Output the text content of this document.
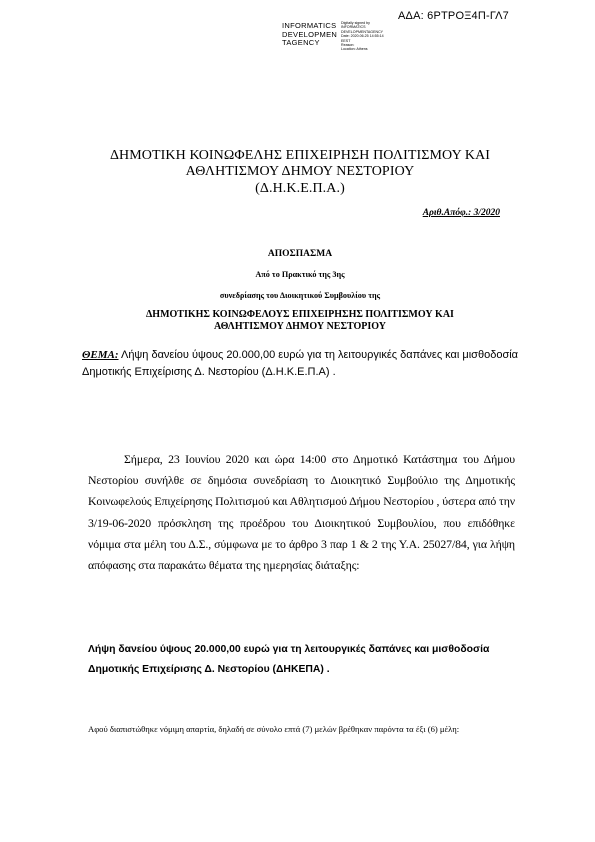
ΑΔΑ: 6ΡΤΡΟΞ4Π-ΓΛ7
INFORMATICS DEVELOPMEN TAGENCY
Digitally signed by
INFORMATICS
DEVELOPMENTAGENCY
Date: 2020.06.25 14:55:14
EEST
Reason:
Location: Athens
ΔΗΜΟΤΙΚΗ ΚΟΙΝΩΦΕΛΗΣ ΕΠΙΧΕΙΡΗΣΗ ΠΟΛΙΤΙΣΜΟΥ ΚΑΙ
ΑΘΛΗΤΙΣΜΟΥ ΔΗΜΟΥ ΝΕΣΤΟΡΙΟΥ
(Δ.Η.Κ.Ε.Π.Α.)
Αριθ.Απόφ.: 3/2020
ΑΠΟΣΠΑΣΜΑ
Από το Πρακτικό της 3ης
συνεδρίασης του Διοικητικού Συμβουλίου της
ΔΗΜΟΤΙΚΗΣ ΚΟΙΝΩΦΕΛΟΥΣ ΕΠΙΧΕΙΡΗΣΗΣ ΠΟΛΙΤΙΣΜΟΥ ΚΑΙ
ΑΘΛΗΤΙΣΜΟΥ ΔΗΜΟΥ ΝΕΣΤΟΡΙΟΥ
ΘΕΜΑ: Λήψη δανείου ύψους 20.000,00 ευρώ για τη λειτουργικές δαπάνες και μισθοδοσία Δημοτικής Επιχείρισης Δ. Νεστορίου (Δ.Η.Κ.Ε.Π.Α) .
Σήμερα, 23 Ιουνίου 2020 και ώρα 14:00 στο Δημοτικό Κατάστημα του Δήμου Νεστορίου συνήλθε σε δημόσια συνεδρίαση το Διοικητικό Συμβούλιο της Δημοτικής Κοινωφελούς Επιχείρησης Πολιτισμού και Αθλητισμού Δήμου Νεστορίου , ύστερα από την 3/19-06-2020 πρόσκληση της προέδρου του Διοικητικού Συμβουλίου, που επιδόθηκε νόμιμα στα μέλη του Δ.Σ., σύμφωνα με το άρθρο 3 παρ 1 & 2 της Υ.Α. 25027/84, για λήψη απόφασης στα παρακάτω θέματα της ημερησίας διάταξης:
Λήψη δανείου ύψους 20.000,00 ευρώ για τη λειτουργικές δαπάνες και μισθοδοσία Δημοτικής Επιχείρισης Δ. Νεστορίου (ΔΗΚΕΠΑ) .
Αφού διαπιστώθηκε νόμιμη απαρτία, δηλαδή σε σύνολο επτά (7) μελών βρέθηκαν παρόντα τα έξι (6) μέλη:
